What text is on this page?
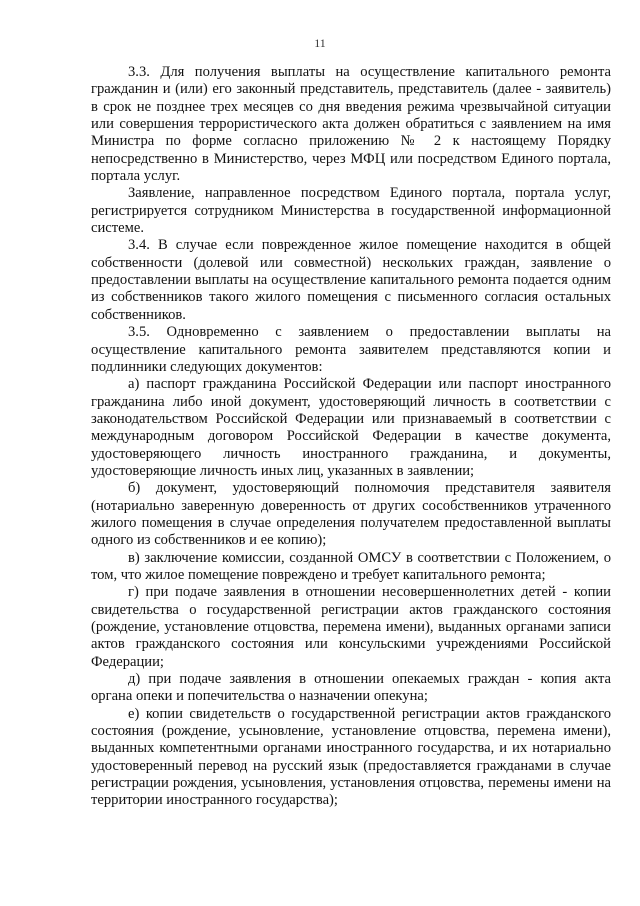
11

3.3. Для получения выплаты на осуществление капитального ремонта гражданин и (или) его законный представитель, представитель (далее - заявитель) в срок не позднее трех месяцев со дня введения режима чрезвычайной ситуации или совершения террористического акта должен обратиться с заявлением на имя Министра по форме согласно приложению № 2 к настоящему Порядку непосредственно в Министерство, через МФЦ или посредством Единого портала, портала услуг.

Заявление, направленное посредством Единого портала, портала услуг, регистрируется сотрудником Министерства в государственной информационной системе.

3.4. В случае если поврежденное жилое помещение находится в общей собственности (долевой или совместной) нескольких граждан, заявление о предоставлении выплаты на осуществление капитального ремонта подается одним из собственников такого жилого помещения с письменного согласия остальных собственников.

3.5. Одновременно с заявлением о предоставлении выплаты на осуществление капитального ремонта заявителем представляются копии и подлинники следующих документов:

а) паспорт гражданина Российской Федерации или паспорт иностранного гражданина либо иной документ, удостоверяющий личность в соответствии с законодательством Российской Федерации или признаваемый в соответствии с международным договором Российской Федерации в качестве документа, удостоверяющего личность иностранного гражданина, и документы, удостоверяющие личность иных лиц, указанных в заявлении;

б) документ, удостоверяющий полномочия представителя заявителя (нотариально заверенную доверенность от других сособственников утраченного жилого помещения в случае определения получателем предоставленной выплаты одного из собственников и ее копию);

в) заключение комиссии, созданной ОМСУ в соответствии с Положением, о том, что жилое помещение повреждено и требует капитального ремонта;

г) при подаче заявления в отношении несовершеннолетних детей - копии свидетельства о государственной регистрации актов гражданского состояния (рождение, установление отцовства, перемена имени), выданных органами записи актов гражданского состояния или консульскими учреждениями Российской Федерации;

д) при подаче заявления в отношении опекаемых граждан - копия акта органа опеки и попечительства о назначении опекуна;

е) копии свидетельств о государственной регистрации актов гражданского состояния (рождение, усыновление, установление отцовства, перемена имени), выданных компетентными органами иностранного государства, и их нотариально удостоверенный перевод на русский язык (предоставляется гражданами в случае регистрации рождения, усыновления, установления отцовства, перемены имени на территории иностранного государства);
